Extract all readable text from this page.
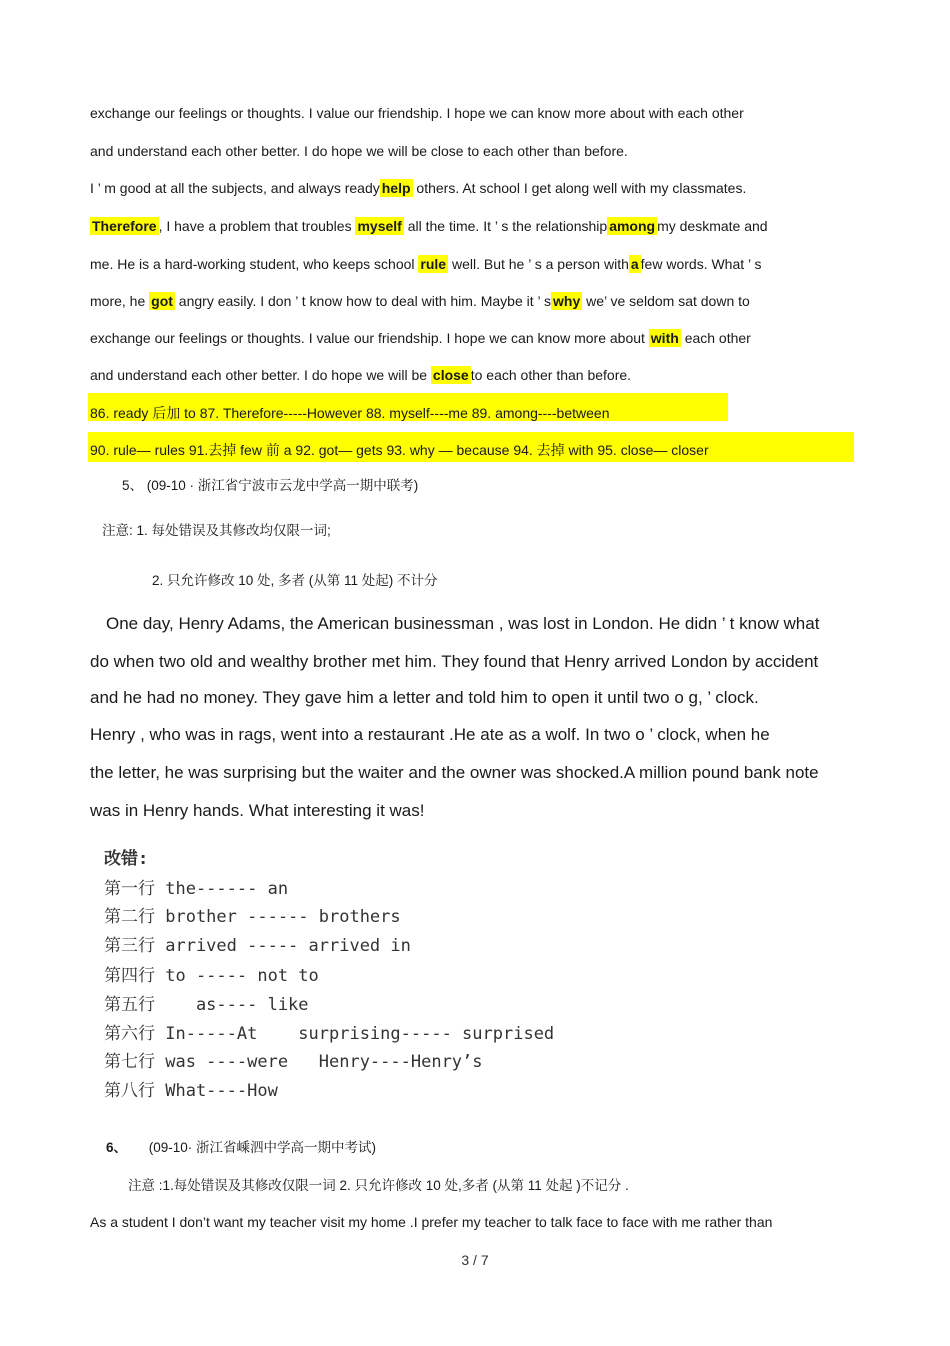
exchange our feelings or thoughts. I value our friendship. I hope we can know more about with each other
and understand each other better. I do hope we will be close to each other than before.
I ’ m good at all the subjects, and always ready help others. At school I get along well with my classmates.
Therefore , I have a problem that troubles myself all the time. It ’ s the relationship among my deskmate and
me. He is a hard-working student, who keeps school rule well. But he ’ s a person with a few words. What ’ s
more, he got angry easily. I don ’ t know how to deal with him. Maybe it ’ s why we’ ve seldom sat down to
exchange our feelings or thoughts. I value our friendship. I hope we can know more about with each other
and understand each other better. I do hope we will be close to each other than before.
86. ready 后加 to 87. Therefore-----However 88. myself----me 89. among----between
90. rule— rules 91.去掉 few 前 a 92. got— gets 93. why — because 94. 去掉 with 95. close— closer
5、 (09-10 · 浙江省宁波市云龙中学高一期中联考)
注意: 1. 每处错误及其修改均仅限一词;
2. 只允许修改 10 处, 多者 (从第 11 处起) 不计分
One day, Henry Adams, the American businessman , was lost in London. He didn ’ t know what
do when two old and wealthy brother met him. They found that Henry arrived London by accident
and he had no money. They gave him a letter and told him to open it until two o g, ’ clock.
Henry , who was in rags, went into a restaurant .He ate as a wolf. In two o ’ clock, when he
the letter, he was surprising but the waiter and the owner was shocked.A million pound bank note
was in Henry hands. What interesting it was!
改错:
第一行 the------ an
第二行 brother ------ brothers
第三行 arrived ----- arrived in
第四行 to ----- not to
第五行    as---- like
第六行 In-----At    surprising----- surprised
第七行 was ----were   Henry----Henry’s
第八行 What----How
6、 (09-10· 浙江省嵊泗中学高一期中考试)
注意 :1.每处错误及其修改仅限一词 2. 只允许修改 10 处,多者 (从第 11 处起 )不记分 .
As a student I don’t want my teacher visit my home .I prefer my teacher to talk face to face with me rather than
3 / 7
